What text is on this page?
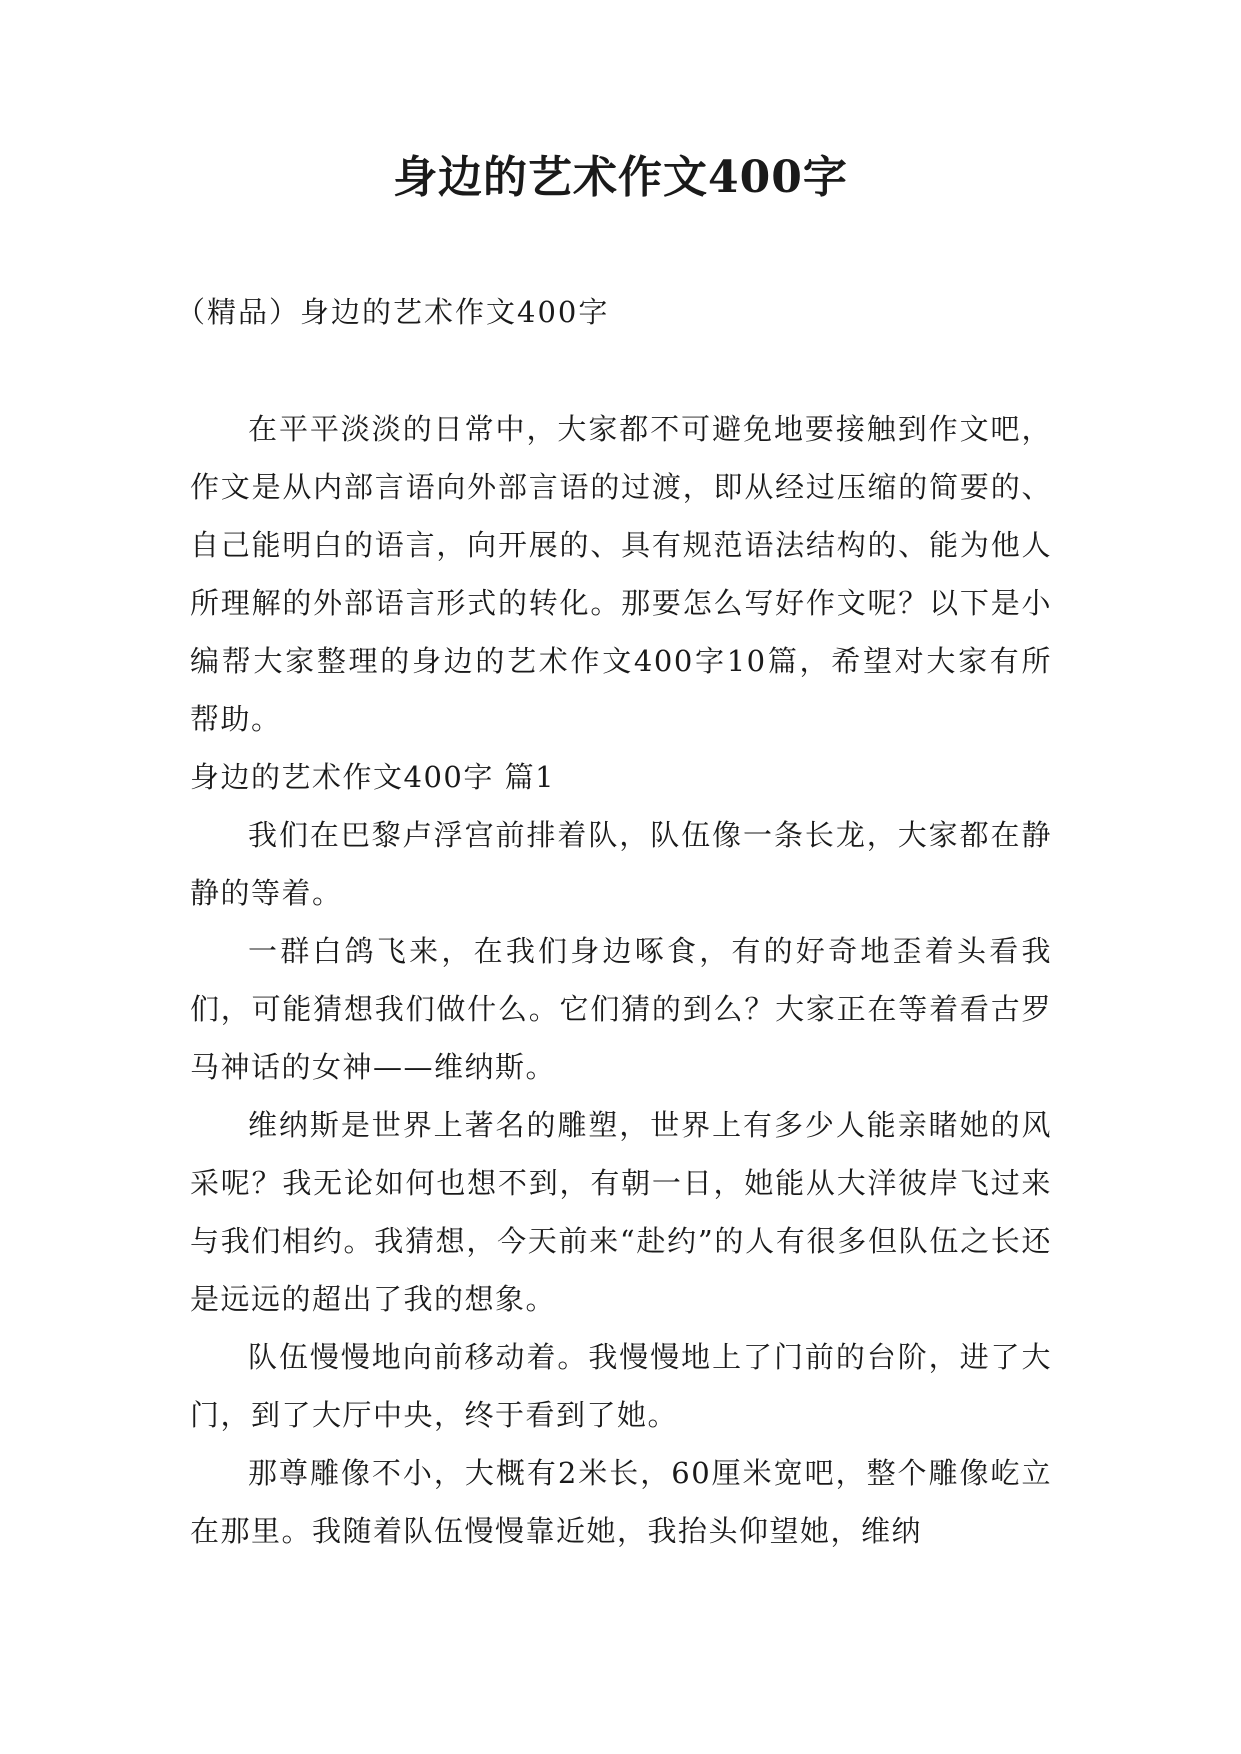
身边的艺术作文400字

（精品）身边的艺术作文400字

在平平淡淡的日常中，大家都不可避免地要接触到作文吧，作文是从内部言语向外部言语的过渡，即从经过压缩的简要的、自己能明白的语言，向开展的、具有规范语法结构的、能为他人所理解的外部语言形式的转化。那要怎么写好作文呢？以下是小编帮大家整理的身边的艺术作文400字10篇，希望对大家有所帮助。

身边的艺术作文400字 篇1

我们在巴黎卢浮宫前排着队，队伍像一条长龙，大家都在静静的等着。

一群白鸽飞来，在我们身边啄食，有的好奇地歪着头看我们，可能猜想我们做什么。它们猜的到么？大家正在等着看古罗马神话的女神——维纳斯。

维纳斯是世界上著名的雕塑，世界上有多少人能亲睹她的风采呢？我无论如何也想不到，有朝一日，她能从大洋彼岸飞过来与我们相约。我猜想，今天前来“赴约”的人有很多但队伍之长还是远远的超出了我的想象。

队伍慢慢地向前移动着。我慢慢地上了门前的台阶，进了大门，到了大厅中央，终于看到了她。

那尊雕像不小，大概有2米长，60厘米宽吧，整个雕像屹立在那里。我随着队伍慢慢靠近她，我抬头仰望她，维纳
